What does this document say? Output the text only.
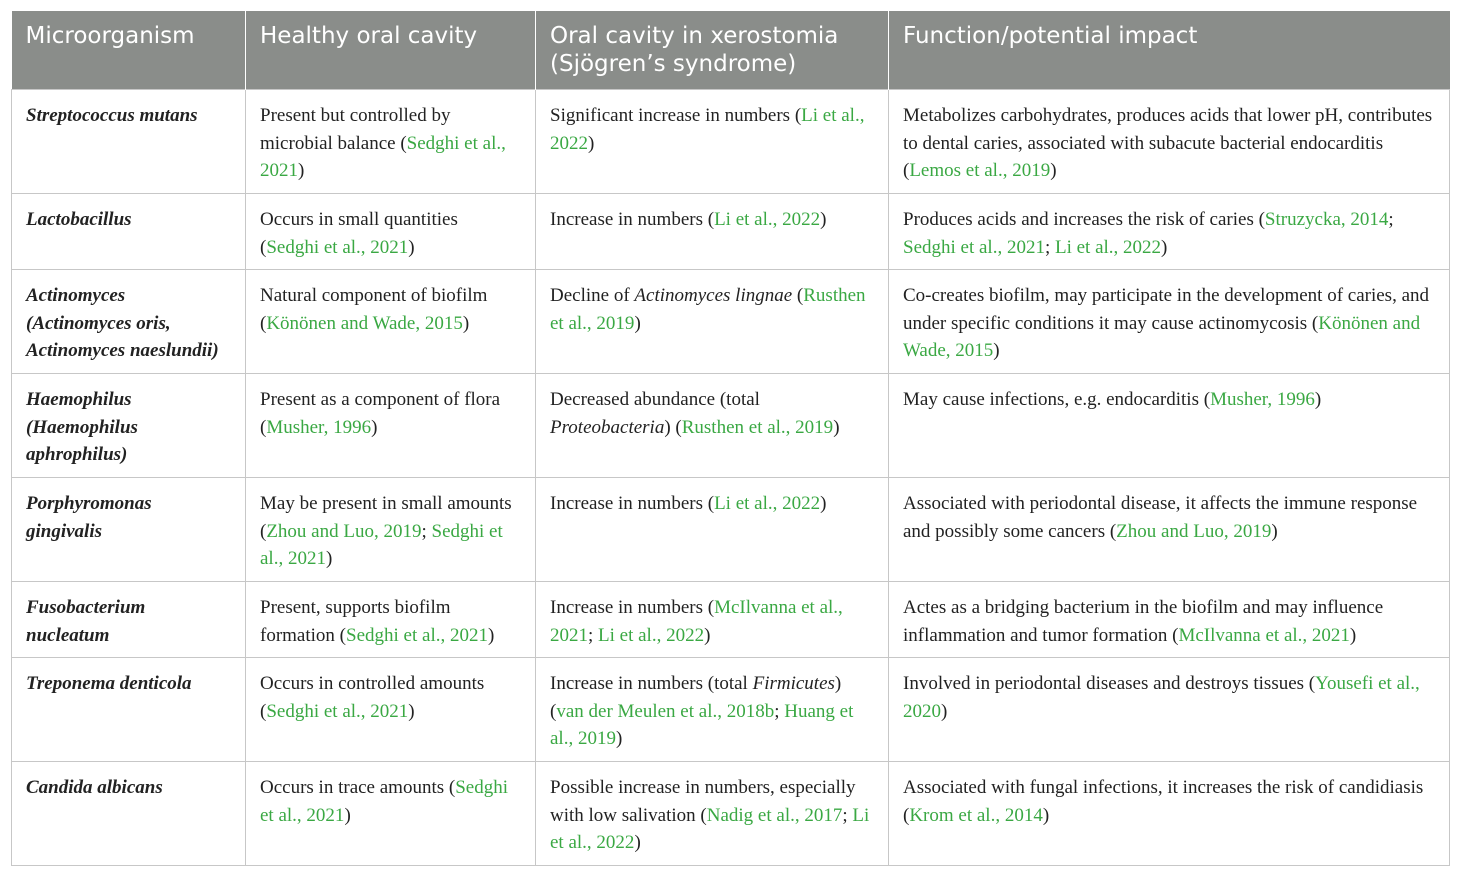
Microorganism	Healthy oral cavity	Oral cavity in xerostomia (Sjögren’s syndrome)	Function/potential impact
Streptococcus mutans	Present but controlled by microbial balance (Sedghi et al., 2021)	Significant increase in numbers (Li et al., 2022)	Metabolizes carbohydrates, produces acids that lower pH, contributes to dental caries, associated with subacute bacterial endocarditis (Lemos et al., 2019)
Lactobacillus	Occurs in small quantities (Sedghi et al., 2021)	Increase in numbers (Li et al., 2022)	Produces acids and increases the risk of caries (Struzycka, 2014; Sedghi et al., 2021; Li et al., 2022)
Actinomyces (Actinomyces oris, Actinomyces naeslundii)	Natural component of biofilm (Könönen and Wade, 2015)	Decline of Actinomyces lingnae (Rusthen et al., 2019)	Co-creates biofilm, may participate in the development of caries, and under specific conditions it may cause actinomycosis (Könönen and Wade, 2015)
Haemophilus (Haemophilus aphrophilus)	Present as a component of flora (Musher, 1996)	Decreased abundance (total Proteobacteria) (Rusthen et al., 2019)	May cause infections, e.g. endocarditis (Musher, 1996)
Porphyromonas gingivalis	May be present in small amounts (Zhou and Luo, 2019; Sedghi et al., 2021)	Increase in numbers (Li et al., 2022)	Associated with periodontal disease, it affects the immune response and possibly some cancers (Zhou and Luo, 2019)
Fusobacterium nucleatum	Present, supports biofilm formation (Sedghi et al., 2021)	Increase in numbers (McIlvanna et al., 2021; Li et al., 2022)	Actes as a bridging bacterium in the biofilm and may influence inflammation and tumor formation (McIlvanna et al., 2021)
Treponema denticola	Occurs in controlled amounts (Sedghi et al., 2021)	Increase in numbers (total Firmicutes) (van der Meulen et al., 2018b; Huang et al., 2019)	Involved in periodontal diseases and destroys tissues (Yousefi et al., 2020)
Candida albicans	Occurs in trace amounts (Sedghi et al., 2021)	Possible increase in numbers, especially with low salivation (Nadig et al., 2017; Li et al., 2022)	Associated with fungal infections, it increases the risk of candidiasis (Krom et al., 2014)
